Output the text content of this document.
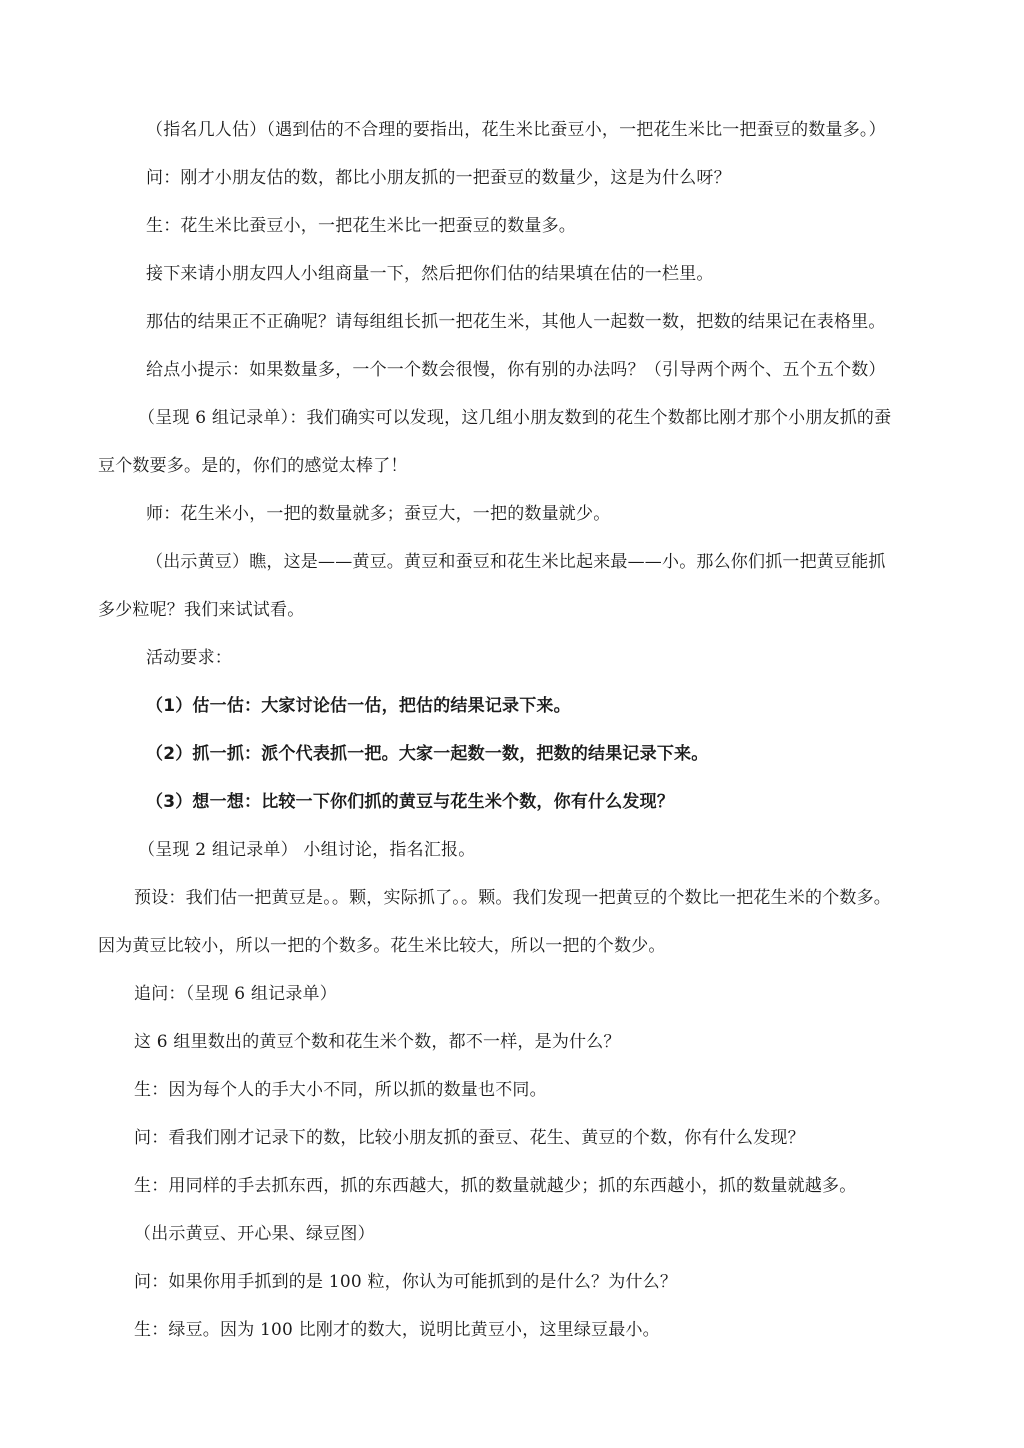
（指名几人估）（遇到估的不合理的要指出，花生米比蚕豆小，一把花生米比一把蚕豆的数量多。）
问：刚才小朋友估的数，都比小朋友抓的一把蚕豆的数量少，这是为什么呀？
生：花生米比蚕豆小，一把花生米比一把蚕豆的数量多。
接下来请小朋友四人小组商量一下，然后把你们估的结果填在估的一栏里。
那估的结果正不正确呢？请每组组长抓一把花生米，其他人一起数一数，把数的结果记在表格里。
给点小提示：如果数量多，一个一个数会很慢，你有别的办法吗？（引导两个两个、五个五个数）
（呈现 6 组记录单）：我们确实可以发现，这几组小朋友数到的花生个数都比刚才那个小朋友抓的蚕
豆个数要多。是的，你们的感觉太棒了！
师：花生米小，一把的数量就多；蚕豆大，一把的数量就少。
（出示黄豆）瞧，这是——黄豆。黄豆和蚕豆和花生米比起来最——小。那么你们抓一把黄豆能抓
多少粒呢？我们来试试看。
活动要求：
（1）估一估：大家讨论估一估，把估的结果记录下来。
（2）抓一抓：派个代表抓一把。大家一起数一数，把数的结果记录下来。
（3）想一想：比较一下你们抓的黄豆与花生米个数，你有什么发现？
（呈现 2 组记录单） 小组讨论，指名汇报。
预设：我们估一把黄豆是。。颗，实际抓了。。颗。我们发现一把黄豆的个数比一把花生米的个数多。
因为黄豆比较小，所以一把的个数多。花生米比较大，所以一把的个数少。
追问：（呈现 6 组记录单）
这 6 组里数出的黄豆个数和花生米个数，都不一样，是为什么？
生：因为每个人的手大小不同，所以抓的数量也不同。
问：看我们刚才记录下的数，比较小朋友抓的蚕豆、花生、黄豆的个数，你有什么发现？
生：用同样的手去抓东西，抓的东西越大，抓的数量就越少；抓的东西越小，抓的数量就越多。
（出示黄豆、开心果、绿豆图）
问：如果你用手抓到的是 100 粒，你认为可能抓到的是什么？为什么？
生：绿豆。因为 100 比刚才的数大，说明比黄豆小，这里绿豆最小。
